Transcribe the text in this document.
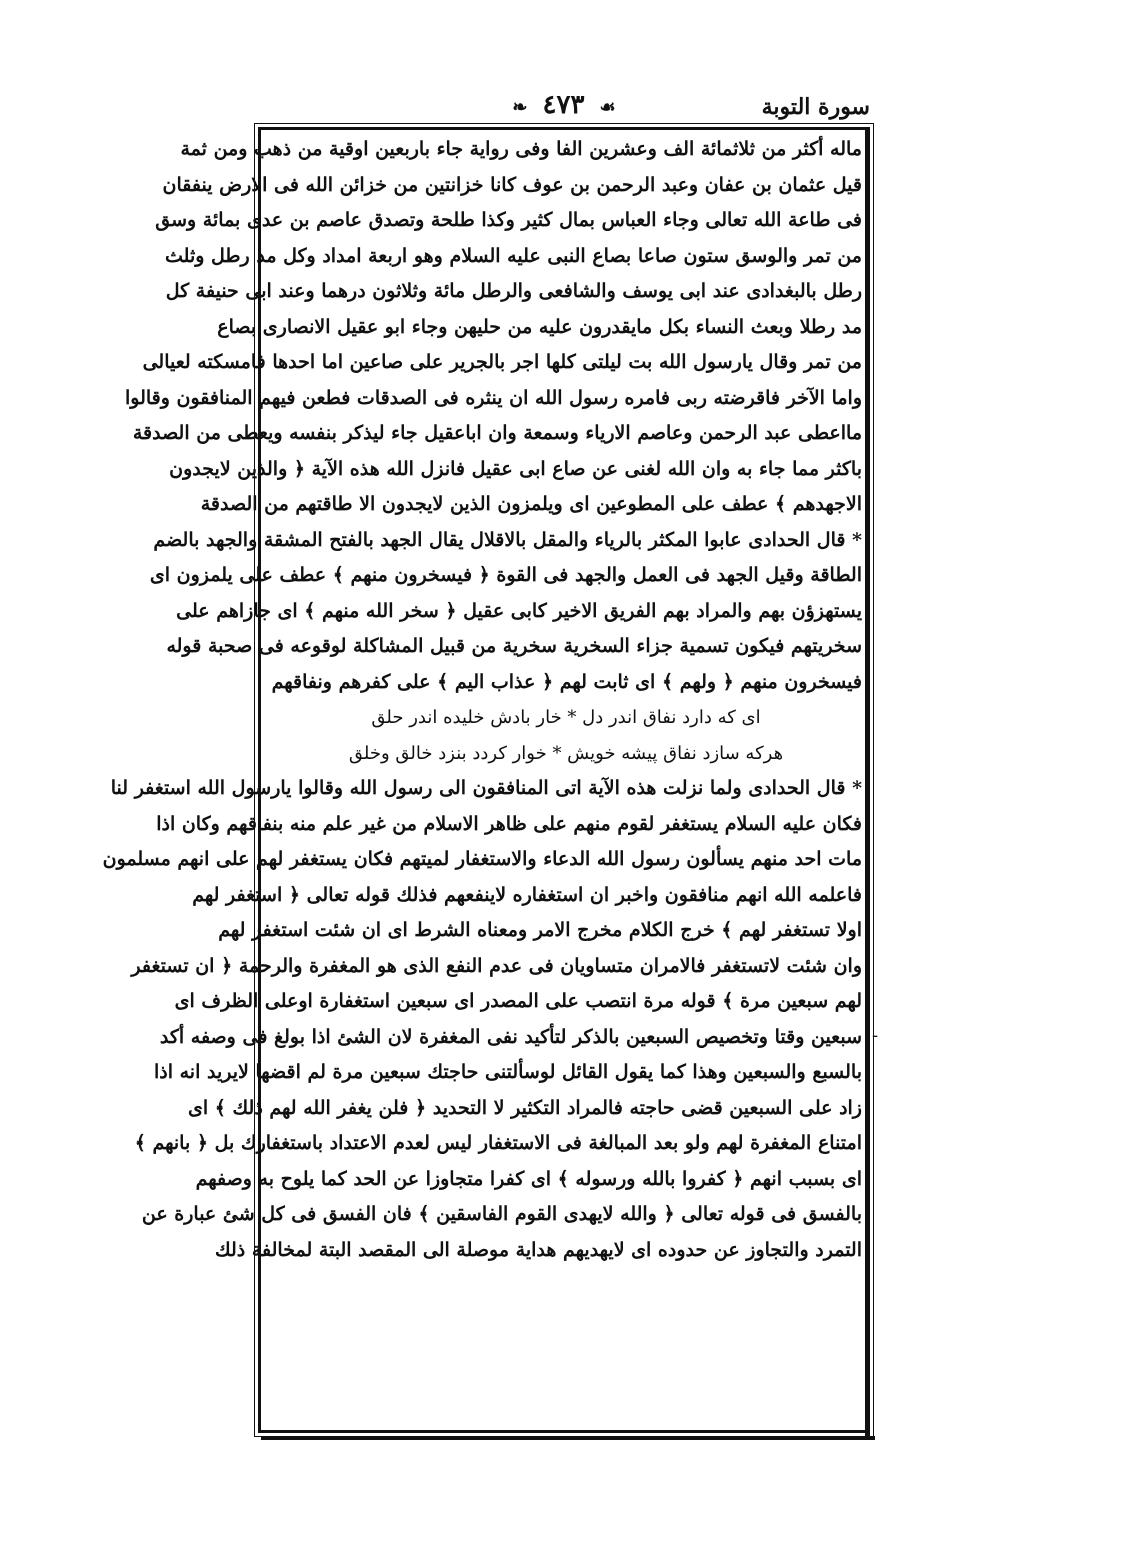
سورة التوبة
☙ ٤٧٣ ❧
ماله أكثر من ثلاثمائة الف وعشرين الفا وفى رواية جاء باربعين اوقية من ذهب ومن ثمة
قيل عثمان بن عفان وعبد الرحمن بن عوف كانا خزانتين من خزائن الله فى الارض ينفقان
فى طاعة الله تعالى وجاء العباس بمال كثير وكذا طلحة وتصدق عاصم بن عدى بمائة وسق
من تمر والوسق ستون صاعا بصاع النبى عليه السلام وهو اربعة امداد وكل مد رطل وثلث
رطل بالبغدادى عند ابى يوسف والشافعى والرطل مائة وثلاثون درهما وعند ابى حنيفة كل
مد رطلا وبعث النساء بكل مايقدرون عليه من حليهن وجاء ابو عقيل الانصارى بصاع
من تمر وقال يارسول الله بت ليلتى كلها اجر بالجرير على صاعين اما احدها فامسكته لعيالى
واما الآخر فاقرضته ربى فامره رسول الله ان ينثره فى الصدقات فطعن فيهم المنافقون وقالوا
مااعطى عبد الرحمن وعاصم الارياء وسمعة وان اباعقيل جاء ليذكر بنفسه ويعطى من الصدقة
باكثر مما جاء به وان الله لغنى عن صاع ابى عقيل فانزل الله هذه الآية ﴿ والذين لايجدون
الاجهدهم ﴾ عطف على المطوعين اى ويلمزون الذين لايجدون الا طاقتهم من الصدقة
* قال الحدادى عابوا المكثر بالرياء والمقل بالاقلال يقال الجهد بالفتح المشقة والجهد بالضم
الطاقة وقيل الجهد فى العمل والجهد فى القوة ﴿ فيسخرون منهم ﴾ عطف على يلمزون اى
يستهزؤن بهم والمراد بهم الفريق الاخير كابى عقيل ﴿ سخر الله منهم ﴾ اى جازاهم على
سخريتهم فيكون تسمية جزاء السخرية سخرية من قبيل المشاكلة لوقوعه فى صحبة قوله
فيسخرون منهم ﴿ ولهم ﴾ اى ثابت لهم ﴿ عذاب اليم ﴾ على كفرهم ونفاقهم
اى كه دارد نفاق اندر دل * خار بادش خليده اندر حلق
هركه سازد نفاق پيشه خويش * خوار كردد بنزد خالق وخلق
* قال الحدادى ولما نزلت هذه الآية اتى المنافقون الى رسول الله وقالوا يارسول الله استغفر لنا
فكان عليه السلام يستغفر لقوم منهم على ظاهر الاسلام من غير علم منه بنفاقهم وكان اذا
مات احد منهم يسألون رسول الله الدعاء والاستغفار لميتهم فكان يستغفر لهم على انهم مسلمون
فاعلمه الله انهم منافقون واخبر ان استغفاره لاينفعهم فذلك قوله تعالى ﴿ استغفر لهم
اولا تستغفر لهم ﴾ خرج الكلام مخرج الامر ومعناه الشرط اى ان شئت استغفر لهم
وان شئت لاتستغفر فالامران متساويان فى عدم النفع الذى هو المغفرة والرحمة ﴿ ان تستغفر
لهم سبعين مرة ﴾ قوله مرة انتصب على المصدر اى سبعين استغفارة اوعلى الظرف اى
سبعين وقتا وتخصيص السبعين بالذكر لتأكيد نفى المغفرة لان الشئ اذا بولغ فى وصفه أكد
بالسبع والسبعين وهذا كما يقول القائل لوسألتنى حاجتك سبعين مرة لم اقضها لايريد انه اذا
زاد على السبعين قضى حاجته فالمراد التكثير لا التحديد ﴿ فلن يغفر الله لهم ذلك ﴾ اى
امتناع المغفرة لهم ولو بعد المبالغة فى الاستغفار ليس لعدم الاعتداد باستغفارك بل ﴿ بانهم ﴾
اى بسبب انهم ﴿ كفروا بالله ورسوله ﴾ اى كفرا متجاوزا عن الحد كما يلوح به وصفهم
بالفسق فى قوله تعالى ﴿ والله لايهدى القوم الفاسقين ﴾ فان الفسق فى كل شئ عبارة عن
التمرد والتجاوز عن حدوده اى لايهديهم هداية موصلة الى المقصد البتة لمخالفة ذلك
-
